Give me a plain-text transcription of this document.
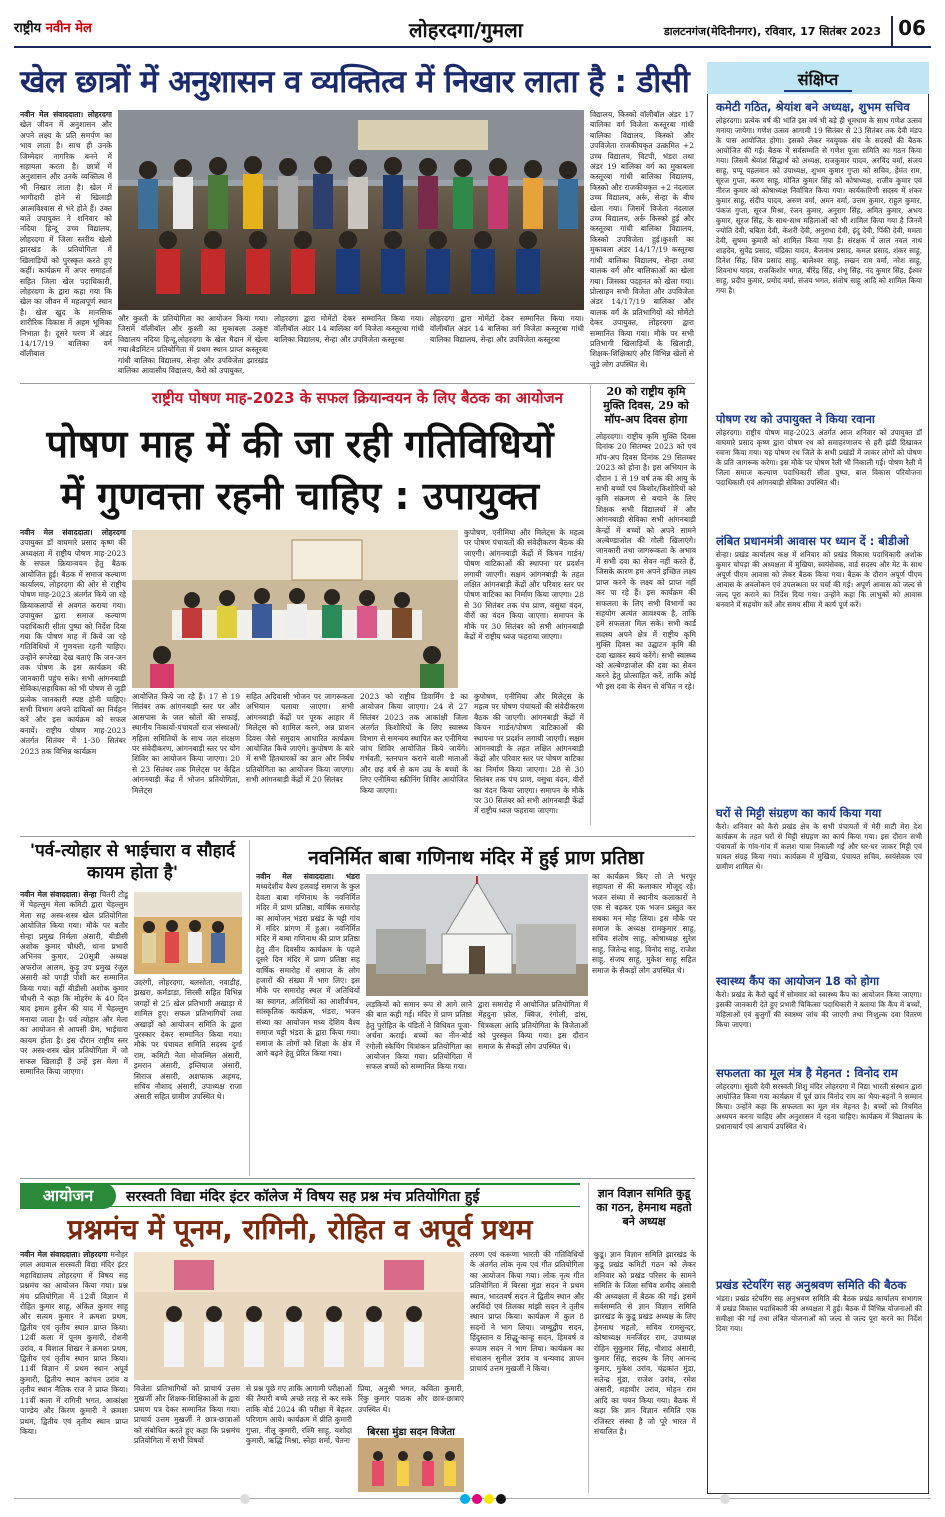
राष्ट्रीय नवीन मेल	लोहरदगा/गुमला	डालटनगंज(मेदिनीनगर), रविवार, 17 सितंबर 2023 06
खेल छात्रों में अनुशासन व व्यक्तित्व में निखार लाता है : डीसी
नवीन मेल संवाददाता। लोहरदगा खेल जीवन में अनुशासन और अपने लक्ष्य के प्रति समर्पण का भाव लाता है। साथ ही उनके जिम्मेदार नागरिक बनने में सहायता करता है। छात्रों में अनुशासन और उनके व्यक्तित्व में भी निखार लाता है। खेल में भागीदारी होने से खिलाड़ी आत्मविश्वास से भरे होते हैं। उक्त बातें उपायुक्त ने शनिवार को नदिया हिन्दू उच्च विद्यालय, लोहरदगा में जिला स्तरीय खेलो झारखंड के प्रतियोगिता में खिलाड़ियों को पुरस्कृत करते हुए कहीं। कार्यक्रम में अपर समाहर्ता सहित जिला खेल पदाधिकारी, लोहरदगा के द्वारा कहा गया कि खेल का जीवन में महत्वपूर्ण स्थान है। खेल खुद के मानसिक शारीरिक विकास में अहम भूमिका निभाता है। दूसरे चरण में अंडर 14/17/19 बालिका वर्ग वॉलीबाल
और कुश्ती के प्रतियोगिता का आयोजन किया गया। जिसमें वॉलीबॉल और कुश्ती का मुकाबला उत्कृष्ट विद्यालय नदिया हिन्दू,लोहरदगा के खेल मैदान में खेला गया।बैडमिंटन प्रतियोगिता में प्रथम स्थान प्राप्त कस्तूरबा गांधी बालिका विद्यालय, सेन्हा और उपविजेता झारखंड बालिका आवासीय विद्यालय, कैरो को उपायुक्त,
लोहरदगा द्वारा मोमेंटो देकर सम्मानित किया गया। वॉलीबॉल अंडर 14 बालिका वर्ग विजेता कस्तूरबा गांधी बालिका विद्यालय, सेन्हा और उपविजेता कस्तूरबा
लोहरदगा द्वारा मोमेंटो देकर सम्मानित किया गया। वॉलीबॉल अंडर 14 बालिका वर्ग विजेता कस्तूरबा गांधी बालिका विद्यालय, सेन्हा और उपविजेता कस्तूरबा
विद्यालय, किस्को वॉलीबॉल अंडर 17 बालिका वर्ग विजेता कस्तूरबा गांधी बालिका विद्यालय, किस्को और उपविजेता राजकीयकृत उत्क्रमित +2 उच्च विद्यालय, विटपी, भंडरा तथा अंडर 19 बालिका वर्ग का मुकाबला कस्तूरबा गांधी बालिका विद्यालय, किस्को और राजकीयकृत +2 नंदलाल उच्च विद्यालय, अर्रू, सेन्हा के बीच खेला गया। जिसमें विजेता नंदलाल उच्च विद्यालय, अर्रू किस्को हुई और कस्तूरबा गांधी बालिका विद्यालय, किस्को उपविजेता हुई।कुश्ती का मुकाबला अंडर 14/17/19 कस्तूरबा गांधी बालिका विद्यालय, सेन्हा तथा बालक वर्ग और बालिकाओं का खेला गया। जिसका पदहनत को खेला गया। प्रोत्साहन सभी विजेता और उपविजेता अंडर 14/17/19 बालिका और बालक वर्ग के प्रतिभागियों को मोमेंटो देकर उपायुक्त, लोहरदगा द्वारा सम्मानित किया गया। मौके पर सभी प्रतिभागी खिलाड़ियों के खिलाड़ी, शिक्षक-शिक्षिकाएं और विभिन्न खेलों से जुड़े लोग उपस्थित थे।
राष्ट्रीय पोषण माह-2023 के सफल क्रियान्वयन के लिए बैठक का आयोजन
पोषण माह में की जा रही गतिविधियों
में गुणवत्ता रहनी चाहिए : उपायुक्त
20 को राष्ट्रीय कृमि मुक्ति दिवस, 29 को मॉप-अप दिवस होगा
लोहरदगा। राष्ट्रीय कृमि मुक्ति दिवस दिनांक 20 सितम्बर 2023 को एवं मॉप-अप दिवस दिनांक 29 सितम्बर 2023 को होना है। इस अभियान के दौरान 1 से 19 वर्ष तक की आयु के सभी बच्चों एवं किशोर/किशोरियों को कृमि संक्रमण से बचाने के लिए शिक्षक सभी विद्यालयों में और आंगनबाड़ी सेविका सभी आंगनबाड़ी केन्द्रों में बच्चों को अपने सामने अल्बेण्डाजोल की गोली खिलाएंगे। जानकारी तथा जागरूकता के अभाव में सभी दवा का सेवन नहीं करते हैं, जिसके कारण हम अपने इच्छित लक्ष्य प्राप्त करने के लक्ष्य को प्राप्त नहीं कर पा रहे हैं। इस कार्यक्रम की सफलता के लिए सभी विभागों का सहयोग अत्यंत आवश्यक है, ताकि हमें सफलता मिल सके। सभी कार्ड सदस्य अपने क्षेत्र में राष्ट्रीय कृमि मुक्ति दिवस का उद्घाटन कृमि की दवा खाकर स्वयं करेंगे। सभी स्वास्थ्य को अल्बेण्डाजोल की दवा का सेवन करने हेतु प्रोत्साहित करें, ताकि कोई भी इस दवा के सेवन से वंचित न रहे।
नवीन मेल संवाददाता। लोहरदगा उपायुक्त डॉ वाघमारे प्रसाद कृष्ण की अध्यक्षता में राष्ट्रीय पोषण माह-2023 के सफल क्रियान्वयन हेतु बैठक आयोजित हुई। बैठक में समाज कल्याण कार्यालय, लोहरदगा की ओर से राष्ट्रीय पोषण माह-2023 अंतर्गत किये जा रहे क्रियाकलापों से अवगत कराया गया। उपायुक्त द्वारा समाज कल्याण पदाधिकारी सीता पुष्पा को निर्देश दिया गया कि पोषण माह में किये जा रहे गतिविधियों में गुणवत्ता रहनी चाहिए। उन्होंने रूपरेखा देख बताएं कि जन-जन तक पोषण के इस कार्यक्रम की जानकारी पहुंच सके। सभी आंगनबाड़ी सेविका/सहायिका को भी पोषण से जुड़ी प्रत्येक जानकारी स्पष्ट होनी चाहिए। सभी विभाग अपने दायित्वों का निर्वहन करें और इस कार्यक्रम को सफल बनायें। राष्ट्रीय पोषण माह-2023 अंतर्गत सितंबर में 1-30 सितंबर 2023 तक विभिन्न कार्यक्रम
कुपोषण, एनीमिया और मिलेट्स के महत्व पर पोषण पंचायतों की संवेदीकरण बैठक की जाएगी। आंगनबाड़ी केंद्रों में किचन गार्डन/पोषण वाटिकाओं की स्थापना पर प्रदर्शन लगायी जाएगी। सक्षम आंगनबाड़ी के तहत लक्षित आंगनबाड़ी केंद्रों और परिवार स्तर पर पोषण वाटिका का निर्माण किया जाएगा। 28 से 30 सितंबर तक पंच प्राण, वसुधा वंदन, वीरों का वंदन किया जाएगा। समापन के मौके पर 30 सितंबर को सभी आंगनबाड़ी केंद्रों में राष्ट्रीय ध्वज फहराया जाएगा।
आयोजित किये जा रहे हैं। 17 से 19 सितंबर तक आंगनबाड़ी स्तर पर और आसपास के जल स्रोतों की सफाई, स्थानीय निकायों-पंचायतों राज संस्थाओं/महिला समितियों के साथ जल संरक्षण पर संवेदीकरण, आंगनबाड़ी स्तर पर योग शिविर का आयोजन किया जाएगा। 20 से 23 सितंबर तक मिलेट्स पर केंद्रित आंगनबाड़ी केंद्र में भोजन प्रतियोगिता, मिलेट्स
सहित अदिवासी भोजन पर जागरूकता अभियान चलाया जाएगा। सभी आंगनबाड़ी केंद्रों पर पूरक आहार में मिलेट्स को शामिल करने, अन्न प्राशन दिवस जैसे समुदाय आधारित कार्यक्रम आयोजित किये जाएंगे। कुपोषण के बारे में सभी हितधारकों का ज्ञान और निर्बंध प्रतियोगिता का आयोजन किया जाएगा। सभी आंगनबाड़ी केंद्रों में 20 सितंबर
2023 को राष्ट्रीय डिवार्मिंग डे का आयोजन किया जाएगा। 24 से 27 सितंबर 2023 तक आकांक्षी जिला अंतर्गत किशोरियों के लिए स्वास्थ्य विभाग से समन्वय स्थापित कर एनीमिया जांच शिविर आयोजित किये जायेंगे। गर्भवती, स्तनपान कराने वाली माताओं और छह वर्ष से कम उम्र के बच्चों के लिए एनीमिया स्क्रीनिंग शिविर आयोजित किया जाएगा।
कुपोषण, एनीमिया और मिलेट्स के महत्व पर पोषण पंचायतों की संवेदीकरण बैठक की जाएगी। आंगनबाड़ी केंद्रों में किचन गार्डन/पोषण वाटिकाओं की स्थापना पर प्रदर्शन लगायी जाएगी। सक्षम आंगनबाड़ी के तहत लक्षित आंगनबाड़ी केंद्रों और परिवार स्तर पर पोषण वाटिका का निर्माण किया जाएगा। 28 से 30 सितंबर तक पंच प्राण, वसुधा वंदन, वीरों का वंदन किया जाएगा। समापन के मौके पर 30 सितंबर को सभी आंगनबाड़ी केंद्रों में राष्ट्रीय ध्वज फहराया जाएगा।
'पर्व-त्योहार से भाईचारा व सौहार्द कायम होता है'
नवीन मेल संवाददाता। सेन्हा चितरी टोडू में चेहल्लुम मेला कमिटी द्वारा चेहल्लुम मेला सह अस्त्र-शस्त्र खेल प्रतियोगिता आयोजित किया गया। मौके पर बतौर सेन्हा प्रमुख निर्मला अंसारी, बीडीसी अशोक कुमार चौधरी, थाना प्रभारी अभिनव कुमार, 20सूत्री अध्यक्ष अफरोज आलम, कुड़ू उप प्रमुख रंजुल अंसारी को पगड़ी पोशी कर सम्मानित किया गया। वहीं बीडीसी अशोक कुमार चौधरी ने कहा कि मोहर्रम के 40 दिन बाद इमाम हुसैन की याद में चेहल्लुम मनाया जाता है। पर्व त्योहार और मेला का आयोजन से आपसी प्रेम, भाईचारा कायम होता है। इस दौरान राष्ट्रीय स्तर पर अस्त्र-शस्त्र खेल प्रतियोगिता में जो सफल खिलाड़ी हैं उन्हें इस मेला में सम्मानित किया जाएगा।
उदरंगी, लोहरदगा, बलसोता, नवाडीह, झखरा, कर्मडाड़ा, सिरसी सहित विभिन्न जगहों से 25 खेल प्रतिभागी अखाड़ा में शामिल हुए। सफल प्रतिभागियों तथा अखाड़ों को आयोजन समिति के द्वारा पुरस्कार देकर सम्मानित किया गया। मौके पर पंचायत समिति सदस्य दुर्गा राम, कमिटी नेता मोजम्मिल अंसारी, इमरान अंसारी, इम्तियाज अंसारी, सिराज अंसारी, अशफाक अहमद, सचिव नौशाद अंसारी, उपाध्यक्ष राजा अंसारी सहित ग्रामीण उपस्थित थे।
नवनिर्मित बाबा गणिनाथ मंदिर में हुई प्राण प्रतिष्ठा
नवीन मेल संवाददाता। भंडरा मध्यदेशीय वैश्य हलवाई समाज के कुल देवता बाबा गणिनाथ के नवनिर्मित मंदिर में प्राण प्रतिष्ठा, वार्षिक समारोह का आयोजन भंडरा प्रखंड के चट्टी गांव में मंदिर प्रांगण में हुआ। नवनिर्मित मंदिर में बाबा गणिनाथ की प्राण प्रतिष्ठा हेतु तीन दिवसीय कार्यक्रम के पहले दूसरे दिन मंदिर में प्राण प्रतिष्ठा सह वार्षिक समारोह में समाज के लोग हजारों की संख्या में भाग लिए। इस मौके पर समारोह स्थल में अतिथियों का स्वागत, अतिथियों का आशीर्वचन, सांस्कृतिक कार्यक्रम, भंडरा, भजन संध्या का आयोजन मध्य देशिय वैश्य समाज चट्टी भंडरा के द्वारा किया गया। समाज के लोगों को शिक्षा के क्षेत्र में आगे बढ़ने हेतु प्रेरित किया गया।
लड़कियों को समान रूप से आगे लाने की बात कही गई। मंदिर में प्राण प्रतिष्ठा हेतु पुरोहित के पंडितों ने विधिवत पूजा-अर्चना कराई। बच्चों का नीन-बोर्ड रंगोली स्केचिंग चित्रांकन प्रतियोगिता का आयोजन किया गया। प्रतियोगिता में सफल बच्चों को सम्मानित किया गया।
द्वारा समारोह में आयोजित प्रतियोगिता में मेंहदुना फ़ोल, क्विज, रंगोली, डांस, चित्रकला आदि प्रतियोगिता के विजेताओं को पुरस्कृत किया गया। इस दौरान समाज के सैकड़ों लोग उपस्थित थे।
का कार्यक्रम किए तो ले भरपूर सहायता से की कलाकार मौजूद रहे। भजन संध्या में स्थानीय कलाकारों ने एक से बढ़कर एक भजन प्रस्तुत कर सबका मन मोह लिया। इस मौके पर समाज के अध्यक्ष रामकुमार साहू, सचिव संतोष साहू, कोषाध्यक्ष सुरेश साहू, जितेन्द्र साहू, विनोद साहू, राजेश साहू, संजय साहू, मुकेश साहू सहित समाज के सैकड़ों लोग उपस्थित थे।
आयोजन	सरस्वती विद्या मंदिर इंटर कॉलेज में विषय सह प्रश्न मंच प्रतियोगिता हुई
प्रश्नमंच में पूनम, रागिनी, रोहित व अपूर्व प्रथम
नवीन मेल संवाददाता। लोहरदगा मनोहर लाल अग्रवाल सरस्वती विद्या मंदिर इंटर महाविद्यालय लोहरदगा में विषय सह प्रश्नमंच का आयोजन किया गया। प्रश्न मंच प्रतियोगिता में 12वीं विज्ञान में रोहित कुमार साहू, अंकित कुमार साहू और सत्यम कुमार ने क्रमशः प्रथम, द्वितीय एवं तृतीय स्थान प्राप्त किया। 12वीं कला में पूनम कुमारी, रोशनी उरांव, व विशाल शिखर ने क्रमशः प्रथम, द्वितीय एवं तृतीय स्थान प्राप्त किया। 11वीं विज्ञान में प्रथम स्थान अपूर्व कुमारी, द्वितीय स्थान कांचन उरांव व तृतीय स्थान नैतिक राज ने प्राप्त किया। 11वीं कला में रागिनी भगत, आकांक्षा पाण्डेय और किरण कुमारी ने क्रमशः प्रथम, द्वितीय एवं तृतीय स्थान प्राप्त किया।
विजेता प्रतिभागियों को प्राचार्य उत्तम मुखर्जी और शिक्षक-शिक्षिकाओं के द्वारा प्रमाण पत्र देकर सम्मानित किया गया। प्राचार्य उत्तम मुखर्जी ने छात्र-छात्राओं को संबोधित करते हुए कहा कि प्रश्नमंच प्रतियोगिता में सभी विषयों
से प्रश्न पूछे गए ताकि आगामी परीक्षाओं की तैयारी बच्चे अच्छे तरह से कर सके ताकि बोर्ड 2024 की परीक्षा में बेहतर परिणाम आये। कार्यक्रम में प्रीति कुमारी गुप्ता, नीलू कुमारी, रश्मि साहू, यशोदा कुमारी, ऋद्धि मिश्रा, स्नेहा शर्मा, चेतना
प्रिया, अनुश्री भगत, कविता कुमारी, रिंकु कुमार पाठक और छात्र-छात्राएं उपस्थित थे।
बिरसा मुंडा सदन विजेता
तरुण एवं करूणा भारती की गतिविधियों के अंतर्गत लोक नृत्य एवं गीत प्रतियोगिता का आयोजन किया गया। लोक नृत्य गीत प्रतियोगिता में बिरसा मुंडा सदन ने प्रथम स्थान, भारतवर्ष सदन ने द्वितीय स्थान और अरविंदो एवं तिलका मांझी सदन ने तृतीय स्थान प्राप्त किया। कार्यक्रम में कुल 8 सदनों ने भाग लिया। जम्बूद्वीप सदन, हिंदुस्तान व सिद्धू-कान्हू सदन, हिमवर्ष व रूपाम सदन ने भाग लिया। कार्यक्रम का संचालन सुनील उरांव व धन्यवाद ज्ञापन प्राचार्य उत्तम मुखर्जी ने किया।
ज्ञान विज्ञान समिति कुडू का गठन, हेमनाथ महतो बने अध्यक्ष
कुडू। ज्ञान विज्ञान समिति झारखंड के कुडू प्रखंड कमिटी गठन को लेकर शनिवार को प्रखंड परिसर के सामने समिति के जिला सचिव शमीद अंसारी की अध्यक्षता में बैठक की गई। इसमें सर्वसम्मति से ज्ञान विज्ञान समिति झारखंड के कुडू प्रखंड अध्यक्ष के लिए हेमनाथ महतो, सचिव रामसुन्दर, कोषाध्यक्ष मनजिंदर राम, उपाध्यक्ष रोहिन सुकुमार सिंह, नौशाद अंसारी, कुमार सिंह, सदस्य के लिए आनन्द कुमार, मुकेश उरांव, चंद्रकांत मुंडा, सतेन्द्र मुंडा, राजेश उरांव, रमेश अंसारी, महावीर उरांव, मोहन राम आदि का चयन किया गया। बैठक में कहा कि ज्ञान विज्ञान समिति एक रजिस्टर संस्था है जो पूरे भारत में संचालित है।
संक्षिप्त
कमेटी गठित, श्रेयांश बने अध्यक्ष, शुभम सचिव
लोहरदगा। प्रत्येक वर्ष की भांति इस वर्ष भी बड़े ही धूमधाम के साथ गणेश उत्सव मनाया जायेगा। गणेश उत्सव आगामी 19 सितंबर से 23 सितंबर तक देवी मंडप के पास आयोजित होगा। इसको लेकर नवयुवक संघ के सदस्यों की बैठक आयोजित की गई। बैठक में सर्वसम्मति से गणेश पूजा समिति का गठन किया गया। जिसमें श्रेयांश सिद्धार्थ को अध्यक्ष, राजकुमार यादव, अरविंद वर्मा, संजय साहू, पप्पू पहलवान को उपाध्यक्ष, शुभम कुमार गुप्ता को सचिव, हेमंत राम, सूरज गुप्ता, करण साहू, मोनित कुमार सिंह को कोषाध्यक्ष, राजीव कुमार एवं नीरज कुमार को कोषाध्यक्ष निर्वाचित किया गया। कार्यकारिणी सदस्य में शंकर कुमार साहू, संदीप यादव, अरुण वर्मा, अमन वर्मा, उत्तम कुमार, राहुल कुमार, पंकज गुप्ता, सूरज मिश्रा, रंजन कुमार, अनुराग सिंह, अमित कुमार, अभय कुमार, सूरज सिंह, के साथ-साथ महिलाओं को भी शामिल किया गया है जिनमें ज्योति देवी, बबिता देवी, केशरी देवी, अनुराधा देवी, इंदु देवी, पिंकी देवी, ममता देवी, सुषमा कुमारी को शामिल किया गया है। संरक्षक में लाल नवल नाथ शाहदेव, सुपेंद्र प्रसाद, चंद्रिका यादव, बैजनाथ प्रसाद, कमल प्रसाद, शंकर साहू, दिनेश सिंह, शिव प्रसाद साहू, बालेश्वर साहू, लखन राम वर्मा, नरेश साहू, शिवनाथ यादव, राजकिशोर भगत, बीरेंद्र सिंह, शंभू सिंह, नंद कुमार सिंह, ईश्वर साहू, प्रदीप कुमार, प्रमोद वर्मा, संजय भगत, संतोष साहू आदि को शामिल किया गया है।
पोषण रथ को उपायुक्त ने किया रवाना
लोहरदगा। राष्ट्रीय पोषण माह-2023 अंतर्गत आज शनिवार को उपायुक्त डॉ वाघमारे प्रसाद कृष्ण द्वारा पोषण रथ को समाहरणालय से हरी झंडी दिखाकर रवाना किया गया। यह पोषण रथ जिले के सभी प्रखंडों में जाकर लोगों को पोषण के प्रति जागरूक करेगा। इस मौके पर पोषण रैली भी निकाली गई। पोषण रैली में जिला समाज कल्याण पदाधिकारी सीता पुष्पा, बाल विकास परियोजना पदाधिकारी एवं आंगनबाड़ी सेविका उपस्थित थी।
लंबित प्रधानमंत्री आवास पर ध्यान दें : बीडीओ
सेन्हा। प्रखंड कार्यालय कक्ष में शनिवार को प्रखंड विकास पदाधिकारी अशोक कुमार चोपड़ा की अध्यक्षता में मुखिया, स्वयंसेवक, वार्ड सदस्य और मेट के साथ अपूर्ण पीएम आवास को लेकर बैठक किया गया। बैठक के दौरान अपूर्ण पीएम आवास के अवलोकन एवं उपलब्धता पर चर्चा की गई। अपूर्ण आवास को जल्द से जल्द पूरा कराने का निर्देश दिया गया। उन्होंने कहा कि लाभुकों को आवास बनवाने में सहयोग करें और समय सीमा में कार्य पूर्ण करें।
घरों से मिट्टी संग्रहण का कार्य किया गया
कैरो। शनिवार को कैरो प्रखंड क्षेत्र के सभी पंचायतों में मेरी माटी मेरा देश कार्यक्रम के तहत घरों से मिट्टी संग्रहण का कार्य किया गया। इस दौरान सभी पंचायतों के गांव-गांव में कलश यात्रा निकाली गई और घर-घर जाकर मिट्टी एवं चावल संग्रह किया गया। कार्यक्रम में मुखिया, पंचायत सचिव, स्वयंसेवक एवं ग्रामीण शामिल थे।
स्वास्थ्य कैंप का आयोजन 18 को होगा
कैरो। प्रखंड के कैरो खुर्द में सोमवार को स्वास्थ्य कैंप का आयोजन किया जाएगा। इसकी जानकारी देते हुए प्रभारी चिकित्सा पदाधिकारी ने बताया कि कैंप में बच्चों, महिलाओं एवं बुजुर्गों की स्वास्थ्य जांच की जाएगी तथा निःशुल्क दवा वितरण किया जाएगा।
सफलता का मूल मंत्र है मेहनत : विनोद राम
लोहरदगा। सुंदरी देवी सरस्वती शिशु मंदिर लोहरदगा में विद्या भारती संस्थान द्वारा आयोजित किया गया कार्यक्रम में पूर्व छात्र विनोद राम का भैया-बहनों ने सम्मान किया। उन्होंने कहा कि सफलता का मूल मंत्र मेहनत है। बच्चों को नियमित अध्ययन करना चाहिए और अनुशासन में रहना चाहिए। कार्यक्रम में विद्यालय के प्रधानाचार्य एवं आचार्य उपस्थित थे।
प्रखंड स्टेयरिंग सह अनुश्रवण समिति की बैठक
भंडरा। प्रखंड स्टेयरिंग सह अनुश्रवण समिति की बैठक प्रखंड कार्यालय सभागार में प्रखंड विकास पदाधिकारी की अध्यक्षता में हुई। बैठक में विभिन्न योजनाओं की समीक्षा की गई तथा लंबित योजनाओं को जल्द से जल्द पूरा करने का निर्देश दिया गया।
